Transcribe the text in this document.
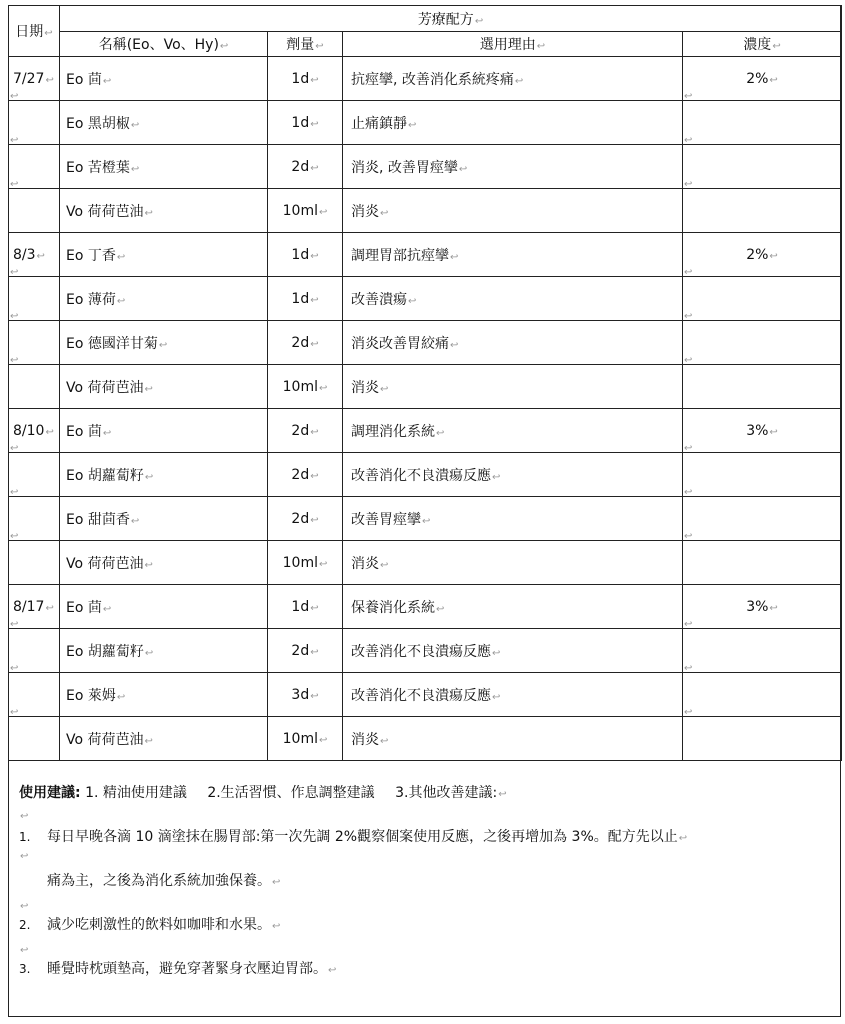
日期↩	芳療配方↩			
	名稱(Eo、Vo、Hy)↩	劑量↩	選用理由↩	濃度↩
7/27↩	Eo 茴↩	1d↩	抗痙攣, 改善消化系統疼痛↩	2%↩

↩	Eo 黑胡椒↩	1d↩	止痛鎮靜↩	↩

↩	Eo 苦橙葉↩	2d↩	消炎, 改善胃痙攣↩	↩

↩	Vo 荷荷芭油↩	10ml↩	消炎↩	↩

8/3↩	Eo 丁香↩	1d↩	調理胃部抗痙攣↩	2%↩

↩	Eo 薄荷↩	1d↩	改善潰瘍↩	↩

↩	Eo 德國洋甘菊↩	2d↩	消炎改善胃絞痛↩	↩

↩	Vo 荷荷芭油↩	10ml↩	消炎↩	↩

8/10↩	Eo 茴↩	2d↩	調理消化系統↩	3%↩

↩	Eo 胡蘿蔔籽↩	2d↩	改善消化不良潰瘍反應↩	↩

↩	Eo 甜茴香↩	2d↩	改善胃痙攣↩	↩

↩	Vo 荷荷芭油↩	10ml↩	消炎↩	↩

8/17↩	Eo 茴↩	1d↩	保養消化系統↩	3%↩

↩	Eo 胡蘿蔔籽↩	2d↩	改善消化不良潰瘍反應↩	↩

↩	Eo 萊姆↩	3d↩	改善消化不良潰瘍反應↩	↩

↩	Vo 荷荷芭油↩	10ml↩	消炎↩	↩
使用建議: 1. 精油使用建議 2.生活習慣、作息調整建議 3.其他改善建議:↩
↩
1. 每日早晚各滴 10 滴塗抹在腸胃部:第一次先調 2%觀察個案使用反應，之後再增加為 3%。配方先以止↩
↩
痛為主，之後為消化系統加強保養。↩
↩
2. 減少吃刺激性的飲料如咖啡和水果。↩
↩
3. 睡覺時枕頭墊高，避免穿著緊身衣壓迫胃部。↩
